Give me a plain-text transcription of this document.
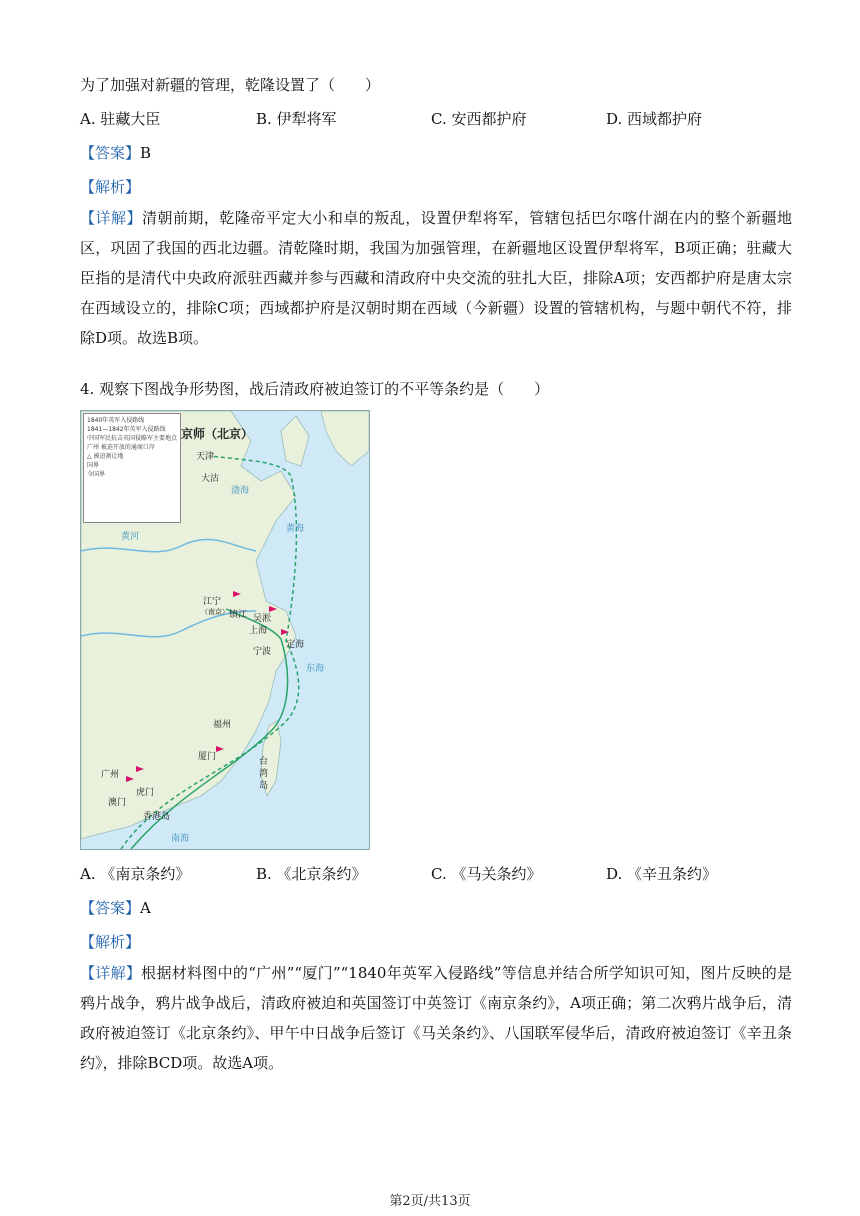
为了加强对新疆的管理，乾隆设置了（　　）
A. 驻藏大臣	B. 伊犁将军	C. 安西都护府	D. 西域都护府
【答案】B
【解析】
【详解】清朝前期，乾隆帝平定大小和卓的叛乱，设置伊犁将军，管辖包括巴尔喀什湖在内的整个新疆地区，巩固了我国的西北边疆。清乾隆时期，我国为加强管理，在新疆地区设置伊犁将军，B项正确；驻藏大臣指的是清代中央政府派驻西藏并参与西藏和清政府中央交流的驻扎大臣，排除A项；安西都护府是唐太宗在西域设立的，排除C项；西域都护府是汉朝时期在西域（今新疆）设置的管辖机构，与题中朝代不符，排除D项。故选B项。
4. 观察下图战争形势图，战后清政府被迫签订的不平等条约是（　　）
1840年英军入侵路线
1841—1842年英军入侵路线
中国军民抗击英国侵略军主要地点
广州 被迫开放的通商口岸
△ 被迫割让地
国界
今国界
京师（北京）
天津
大沽
江宁
（南京） 镇江 吴淞
上海
宁波
定海
福州
厦门
广州
虎门
澳门
香港岛
台湾岛
渤海
黄海
东海
南海
黄河
A. 《南京条约》	B. 《北京条约》	C. 《马关条约》	D. 《辛丑条约》
【答案】A
【解析】
【详解】根据材料图中的“广州”“厦门”“1840年英军入侵路线”等信息并结合所学知识可知，图片反映的是鸦片战争，鸦片战争战后，清政府被迫和英国签订中英签订《南京条约》，A项正确；第二次鸦片战争后，清政府被迫签订《北京条约》、甲午中日战争后签订《马关条约》、八国联军侵华后，清政府被迫签订《辛丑条约》，排除BCD项。故选A项。
第2页/共13页
